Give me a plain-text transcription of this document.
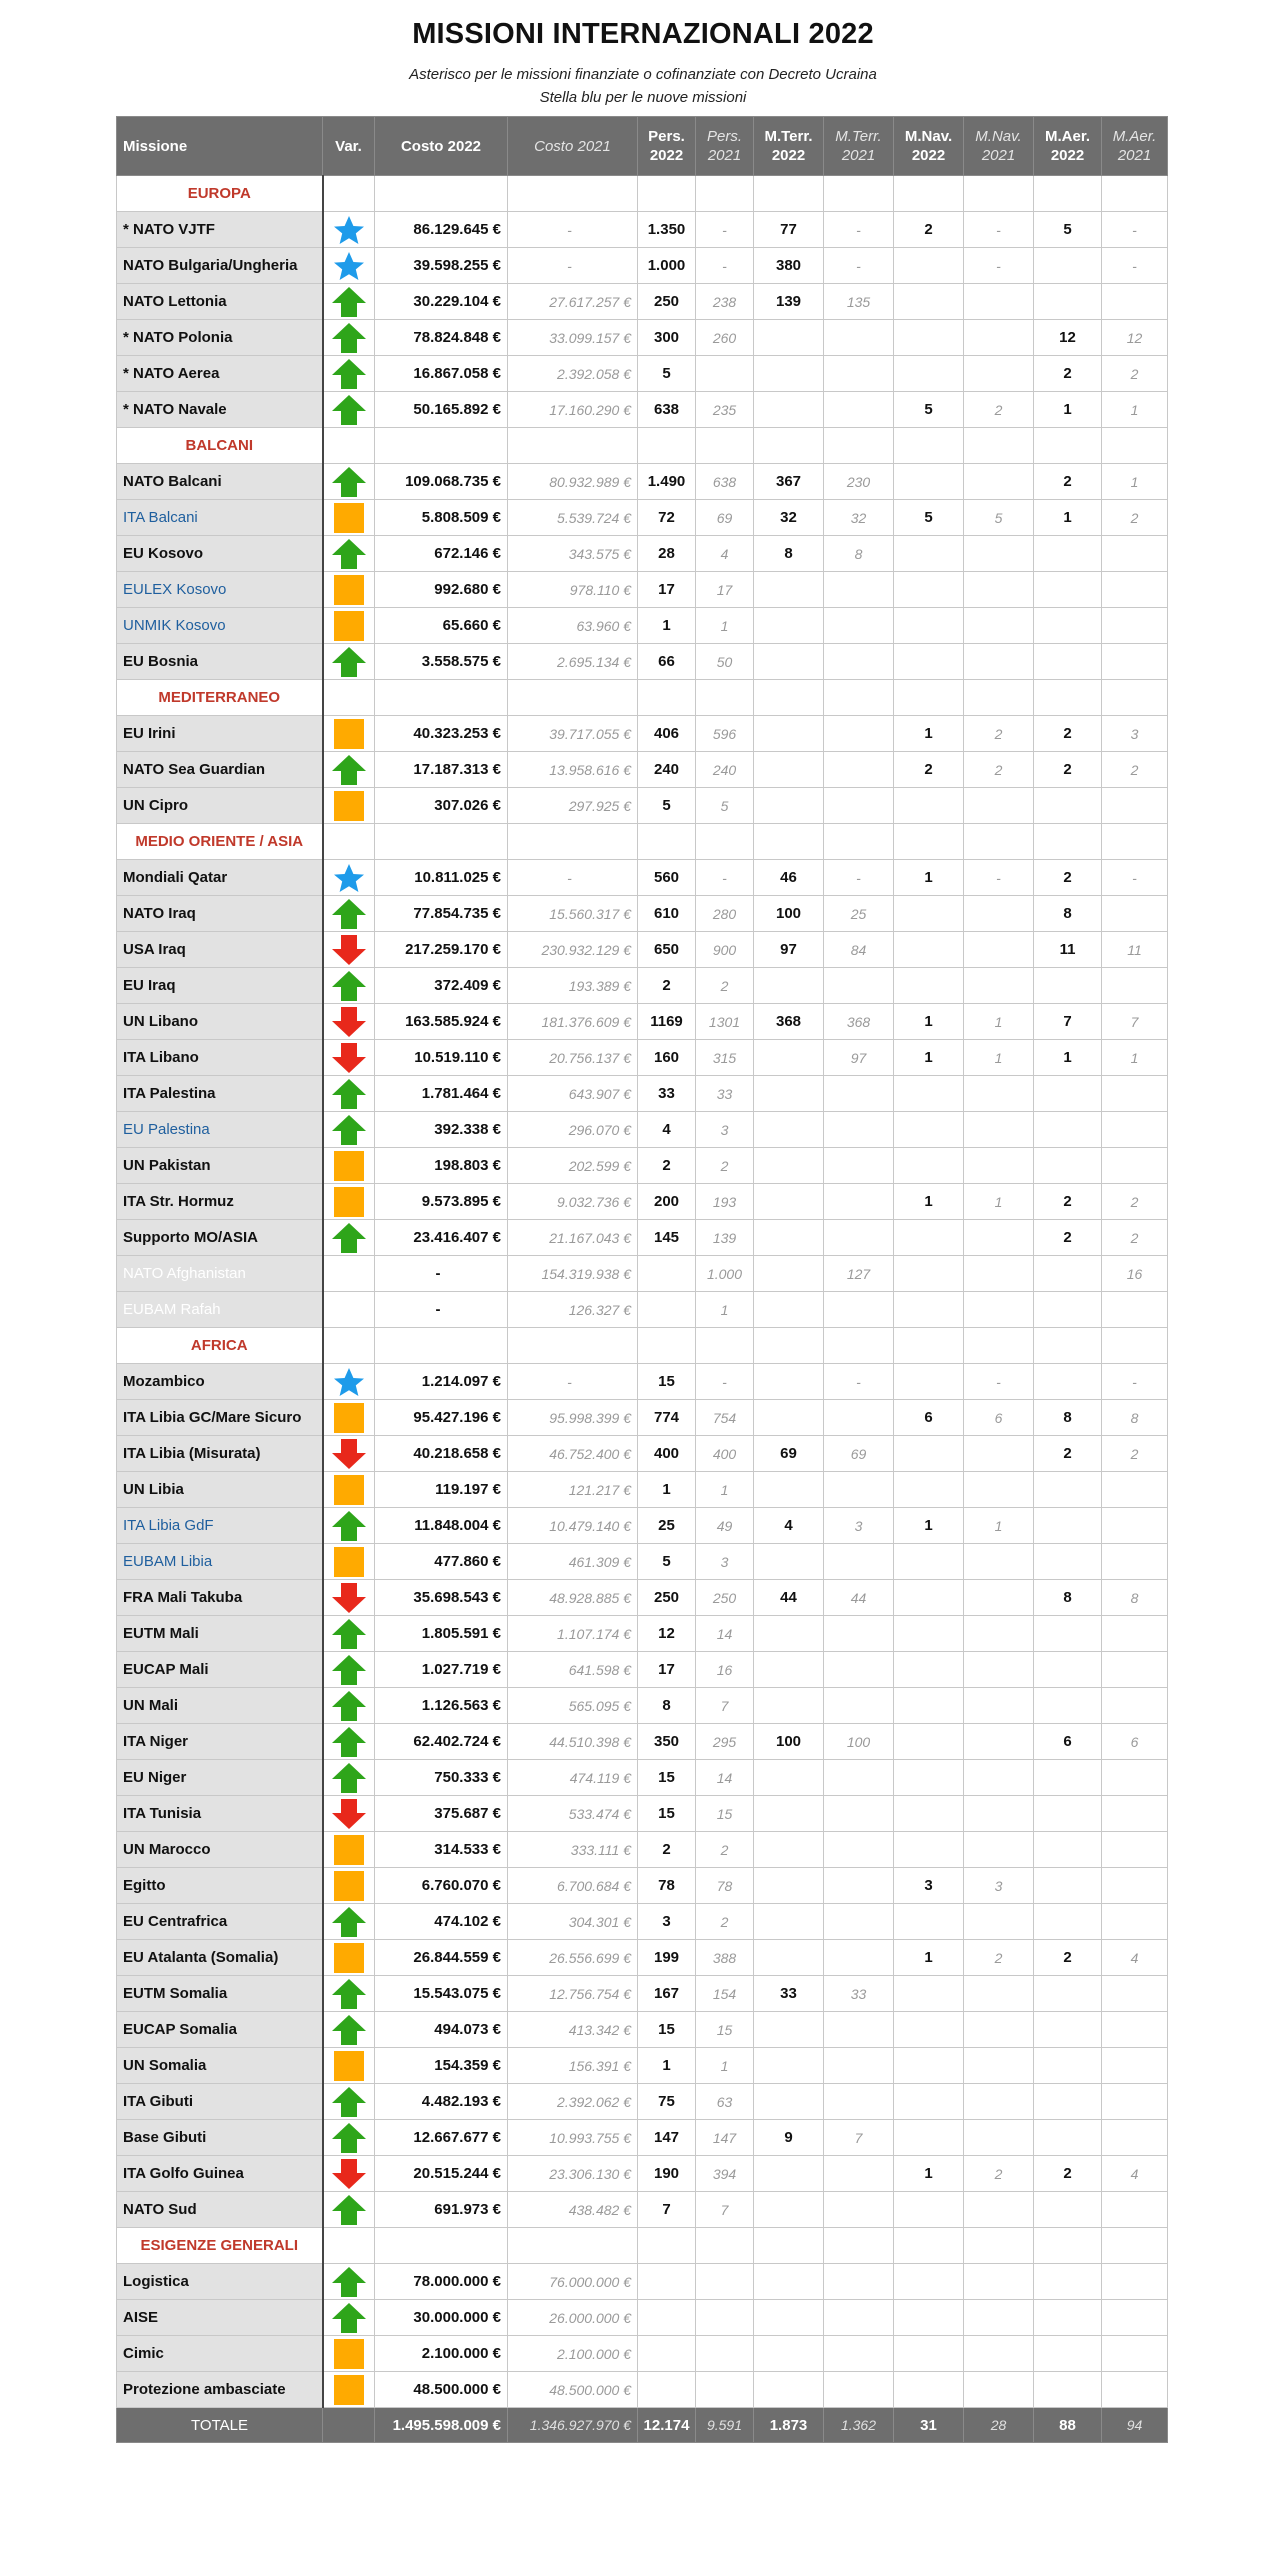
MISSIONI INTERNAZIONALI 2022
Asterisco per le missioni finanziate o cofinanziate con Decreto Ucraina
Stella blu per le nuove missioni
Missione	Var.	Costo 2022	Costo 2021	Pers. 2022	Pers. 2021	M.Terr. 2022	M.Terr. 2021	M.Nav. 2022	M.Nav. 2021	M.Aer. 2022	M.Aer. 2021
EUROPA											
* NATO VJTF		86.129.645 €	-	1.350	-	77	-	2	-	5	-
NATO Bulgaria/Ungheria		39.598.255 €	-	1.000	-	380	-		-		-
NATO Lettonia		30.229.104 €	27.617.257 €	250	238	139	135				
* NATO Polonia		78.824.848 €	33.099.157 €	300	260					12	12
* NATO Aerea		16.867.058 €	2.392.058 €	5						2	2
* NATO Navale		50.165.892 €	17.160.290 €	638	235			5	2	1	1
BALCANI											
NATO Balcani		109.068.735 €	80.932.989 €	1.490	638	367	230			2	1
ITA Balcani		5.808.509 €	5.539.724 €	72	69	32	32	5	5	1	2
EU Kosovo		672.146 €	343.575 €	28	4	8	8				
EULEX Kosovo		992.680 €	978.110 €	17	17						
UNMIK Kosovo		65.660 €	63.960 €	1	1						
EU Bosnia		3.558.575 €	2.695.134 €	66	50						
MEDITERRANEO											
EU Irini		40.323.253 €	39.717.055 €	406	596			1	2	2	3
NATO Sea Guardian		17.187.313 €	13.958.616 €	240	240			2	2	2	2
UN Cipro		307.026 €	297.925 €	5	5						
MEDIO ORIENTE / ASIA											
Mondiali Qatar		10.811.025 €	-	560	-	46	-	1	-	2	-
NATO Iraq		77.854.735 €	15.560.317 €	610	280	100	25			8	
USA Iraq		217.259.170 €	230.932.129 €	650	900	97	84			11	11
EU Iraq		372.409 €	193.389 €	2	2						
UN Libano		163.585.924 €	181.376.609 €	1169	1301	368	368	1	1	7	7
ITA Libano		10.519.110 €	20.756.137 €	160	315		97	1	1	1	1
ITA Palestina		1.781.464 €	643.907 €	33	33						
EU Palestina		392.338 €	296.070 €	4	3						
UN Pakistan		198.803 €	202.599 €	2	2						
ITA Str. Hormuz		9.573.895 €	9.032.736 €	200	193			1	1	2	2
Supporto MO/ASIA		23.416.407 €	21.167.043 €	145	139					2	2
NATO Afghanistan		-	154.319.938 €		1.000		127				16
EUBAM Rafah		-	126.327 €		1						
AFRICA											
Mozambico		1.214.097 €	-	15	-		-		-		-
ITA Libia GC/Mare Sicuro		95.427.196 €	95.998.399 €	774	754			6	6	8	8
ITA Libia (Misurata)		40.218.658 €	46.752.400 €	400	400	69	69			2	2
UN Libia		119.197 €	121.217 €	1	1						
ITA Libia GdF		11.848.004 €	10.479.140 €	25	49	4	3	1	1		
EUBAM Libia		477.860 €	461.309 €	5	3						
FRA Mali Takuba		35.698.543 €	48.928.885 €	250	250	44	44			8	8
EUTM Mali		1.805.591 €	1.107.174 €	12	14						
EUCAP Mali		1.027.719 €	641.598 €	17	16						
UN Mali		1.126.563 €	565.095 €	8	7						
ITA Niger		62.402.724 €	44.510.398 €	350	295	100	100			6	6
EU Niger		750.333 €	474.119 €	15	14						
ITA Tunisia		375.687 €	533.474 €	15	15						
UN Marocco		314.533 €	333.111 €	2	2						
Egitto		6.760.070 €	6.700.684 €	78	78			3	3		
EU Centrafrica		474.102 €	304.301 €	3	2						
EU Atalanta (Somalia)		26.844.559 €	26.556.699 €	199	388			1	2	2	4
EUTM Somalia		15.543.075 €	12.756.754 €	167	154	33	33				
EUCAP Somalia		494.073 €	413.342 €	15	15						
UN Somalia		154.359 €	156.391 €	1	1						
ITA Gibuti		4.482.193 €	2.392.062 €	75	63						
Base Gibuti		12.667.677 €	10.993.755 €	147	147	9	7				
ITA Golfo Guinea		20.515.244 €	23.306.130 €	190	394			1	2	2	4
NATO Sud		691.973 €	438.482 €	7	7						
ESIGENZE GENERALI											
Logistica		78.000.000 €	76.000.000 €								
AISE		30.000.000 €	26.000.000 €								
Cimic		2.100.000 €	2.100.000 €								
Protezione ambasciate		48.500.000 €	48.500.000 €								
TOTALE		1.495.598.009 €	1.346.927.970 €	12.174	9.591	1.873	1.362	31	28	88	94
